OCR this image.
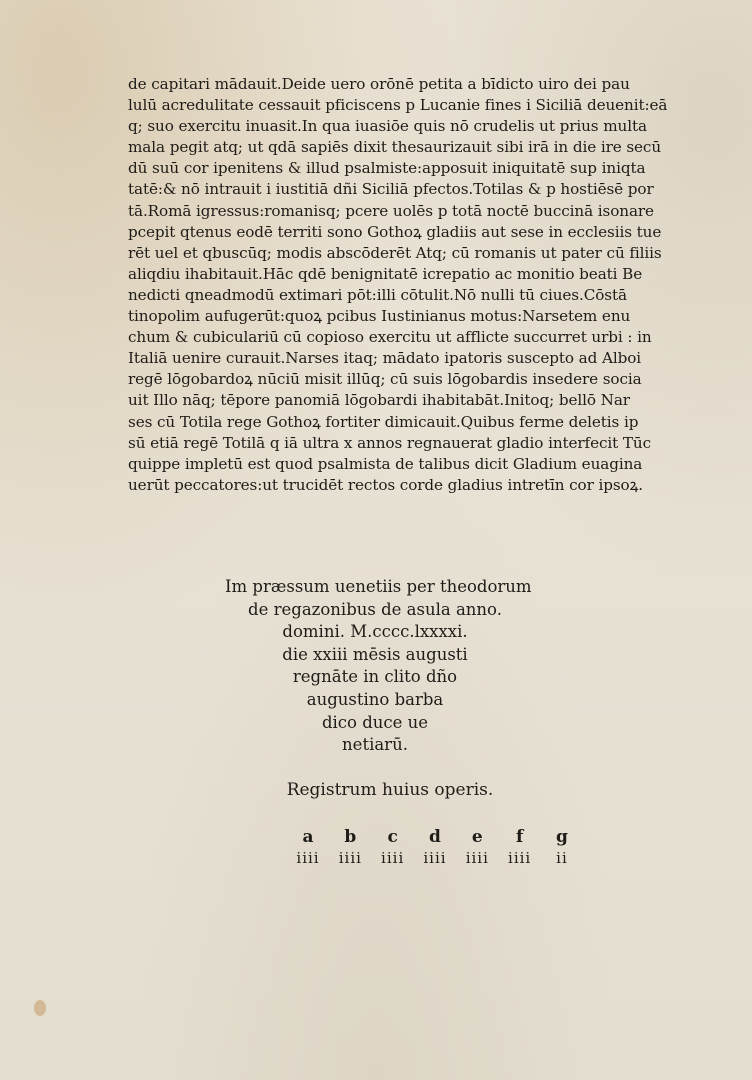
de capitari mādauit.Deide uero orōnē petita a bīdicto uiro dei pau
lulū acredulitate cessauit pficiscens p Lucanie fines i Siciliā deuenit:eā
q; suo exercitu inuasit.In qua iuasiōe quis nō crudelis ut prius multa
mala pegit atq; ut qdā sapiēs dixit thesaurizauit sibi irā in die ire secū
dū suū cor ipenitens & illud psalmiste:apposuit iniquitatē sup iniqta
tatē:& nō intrauit i iustitiā dñi Siciliā pfectos.Totilas & p hostiēsē por
tā.Romā igressus:romanisq; pcere uolēs p totā noctē buccinā isonare
pcepit qtenus eodē territi sono Gothoꝝ gladiis aut sese in ecclesiis tue
rēt uel et qbuscūq; modis abscōderēt Atq; cū romanis ut pater cū filiis
aliqdiu ihabitauit.Hāc qdē benignitatē icrepatio ac monitio beati Be
nedicti qneadmodū extimari pōt:illi cōtulit.Nō nulli tū ciues.Cōstā
tinopolim aufugerūt:quoꝝ pcibus Iustinianus motus:Narsetem enu
chum & cubiculariū cū copioso exercitu ut afflicte succurret urbi : in
Italiā uenire curauit.Narses itaq; mādato ipatoris suscepto ad Alboi
regē lōgobardoꝝ nūciū misit illūq; cū suis lōgobardis insedere socia
uit Illo nāq; tēpore panomiā lōgobardi ihabitabāt.Initoq; bellō Nar
ses cū Totila rege Gothoꝝ fortiter dimicauit.Quibus ferme deletis ip
sū etiā regē Totilā q iā ultra x annos regnauerat gladio interfecit Tūc
quippe impletū est quod psalmista de talibus dicit Gladium euagina
uerūt peccatores:ut trucidēt rectos corde gladius intretīn cor ipsoꝝ.
Im præssum uenetiis per theodorum
de regazonibus de asula anno.
domini. M.cccc.lxxxxi.
die xxiii mēsis augusti
regnāte in clito dño
augustino barba
dico duce ue
netiarū.
Registrum huius operis.
a
iiii
b
iiii
c
iiii
d
iiii
e
iiii
f
iiii
g
ii
